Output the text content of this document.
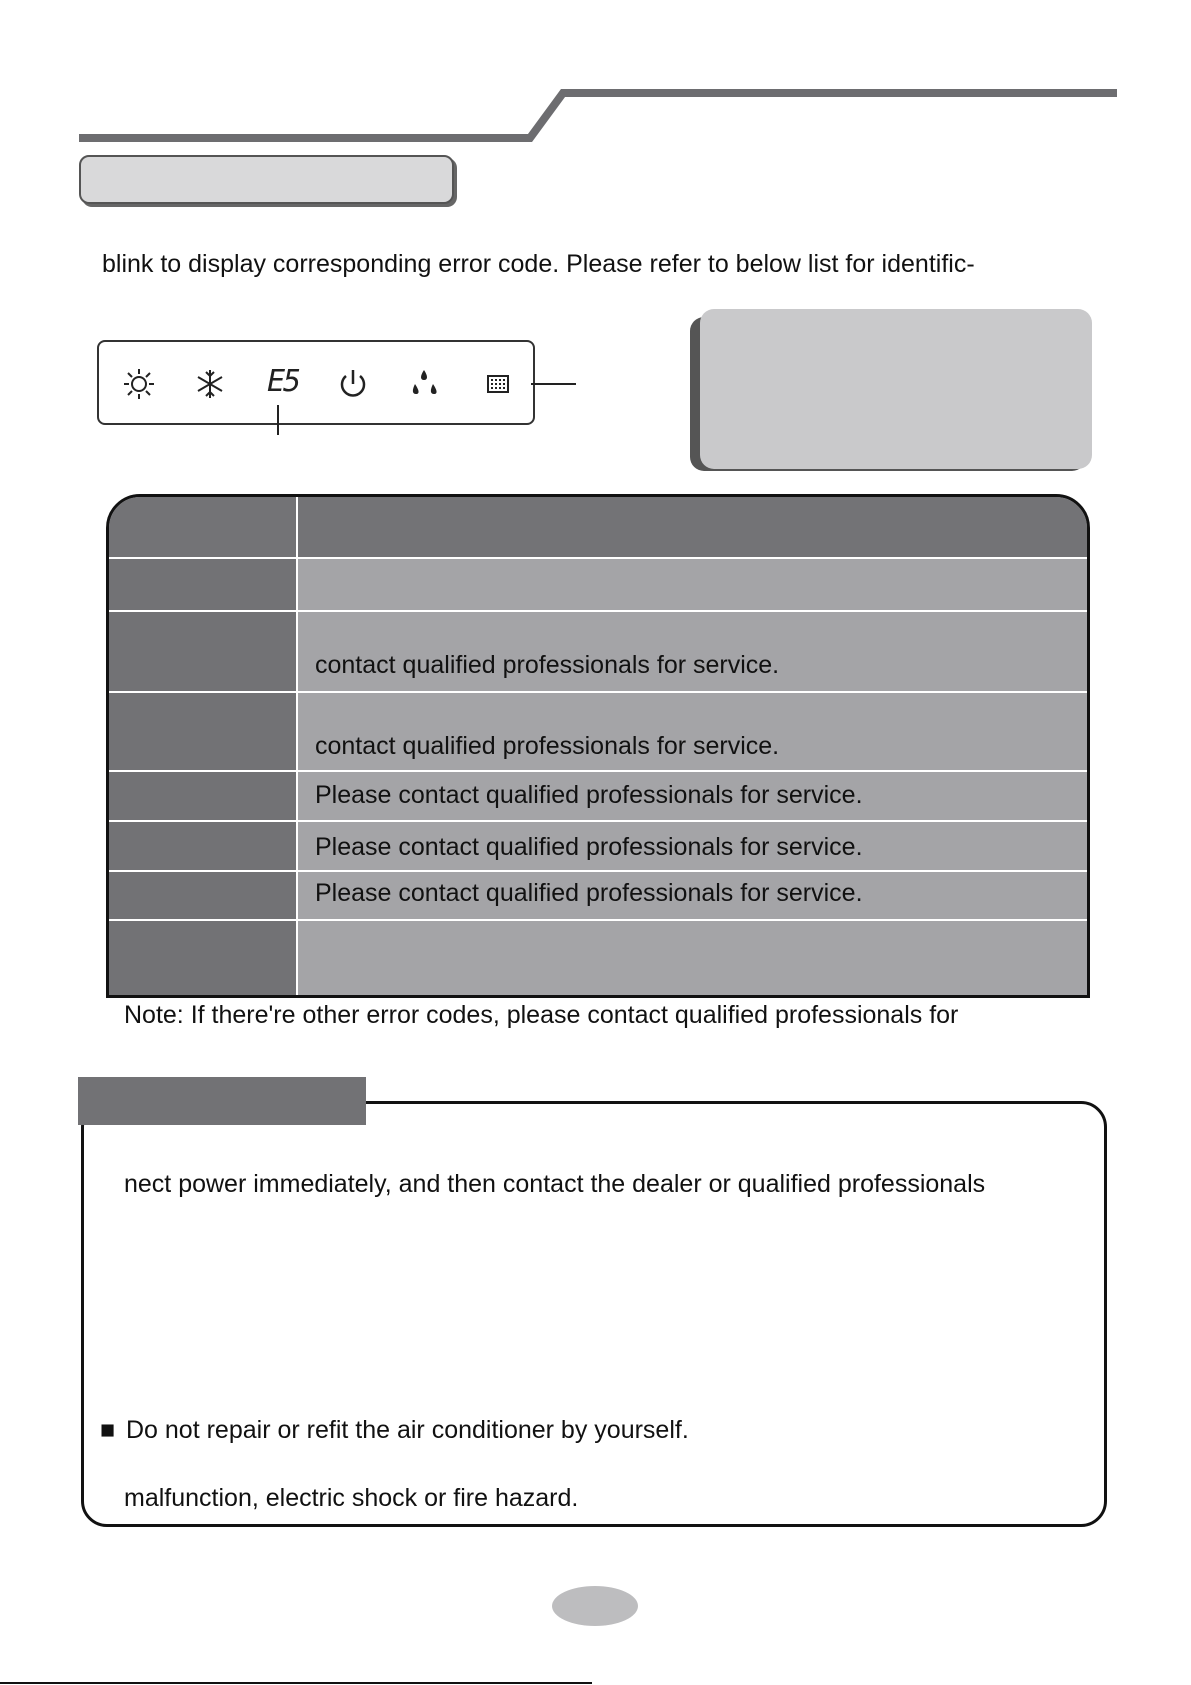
blink to display corresponding error code. Please refer to below list for identific-
E5
contact qualified professionals for service.
contact qualified professionals for service.
Please contact qualified professionals for service.
Please contact qualified professionals for service.
Please contact qualified professionals for service.
Note: If there're other error codes, please contact qualified professionals for
nect power immediately, and then contact the dealer or qualified professionals
■ Do not repair or refit the air conditioner by yourself.
malfunction, electric shock or fire hazard.
